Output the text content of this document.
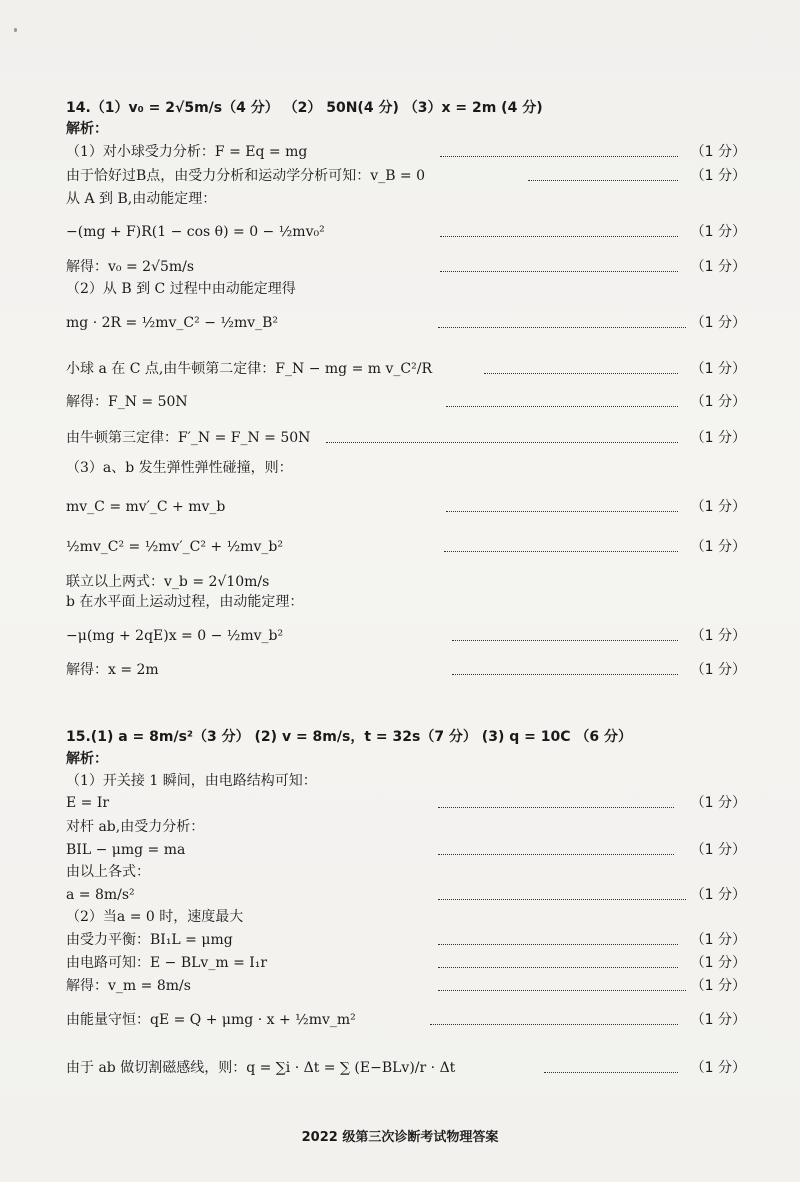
14.（1）v₀ = 2√5m/s（4 分） （2） 50N(4 分) （3）x = 2m (4 分)
解析：
（1）对小球受力分析：F = Eq = mg	（1 分）
由于恰好过B点，由受力分析和运动学分析可知：v_B = 0	（1 分）
从 A 到 B,由动能定理：
−(mg + F)R(1 − cos θ) = 0 − ½mv₀²	（1 分）
解得：v₀ = 2√5m/s	（1 分）
（2）从 B 到 C 过程中由动能定理得
mg · 2R = ½mv_C² − ½mv_B²	（1 分）
小球 a 在 C 点,由牛顿第二定律：F_N − mg = m v_C²/R	（1 分）
解得：F_N = 50N	（1 分）
由牛顿第三定律：F′_N = F_N = 50N	（1 分）
（3）a、b 发生弹性弹性碰撞，则：
mv_C = mv′_C + mv_b	（1 分）
½mv_C² = ½mv′_C² + ½mv_b²	（1 分）
联立以上两式：v_b = 2√10m/s
b 在水平面上运动过程，由动能定理：
−μ(mg + 2qE)x = 0 − ½mv_b²	（1 分）
解得：x = 2m	（1 分）
15.(1) a = 8m/s²（3 分） (2) v = 8m/s，t = 32s（7 分） (3) q = 10C （6 分）
解析：
（1）开关接 1 瞬间，由电路结构可知：
E = Ir	（1 分）
对杆 ab,由受力分析：
BIL − μmg = ma	（1 分）
由以上各式：
a = 8m/s²	（1 分）
（2）当a = 0 时，速度最大
由受力平衡：BI₁L = μmg	（1 分）
由电路可知：E − BLv_m = I₁r	（1 分）
解得：v_m = 8m/s	（1 分）
由能量守恒：qE = Q + μmg · x + ½mv_m²	（1 分）
由于 ab 做切割磁感线，则：q = ∑i · Δt = ∑ (E−BLv)/r · Δt	（1 分）
2022 级第三次诊断考试物理答案
